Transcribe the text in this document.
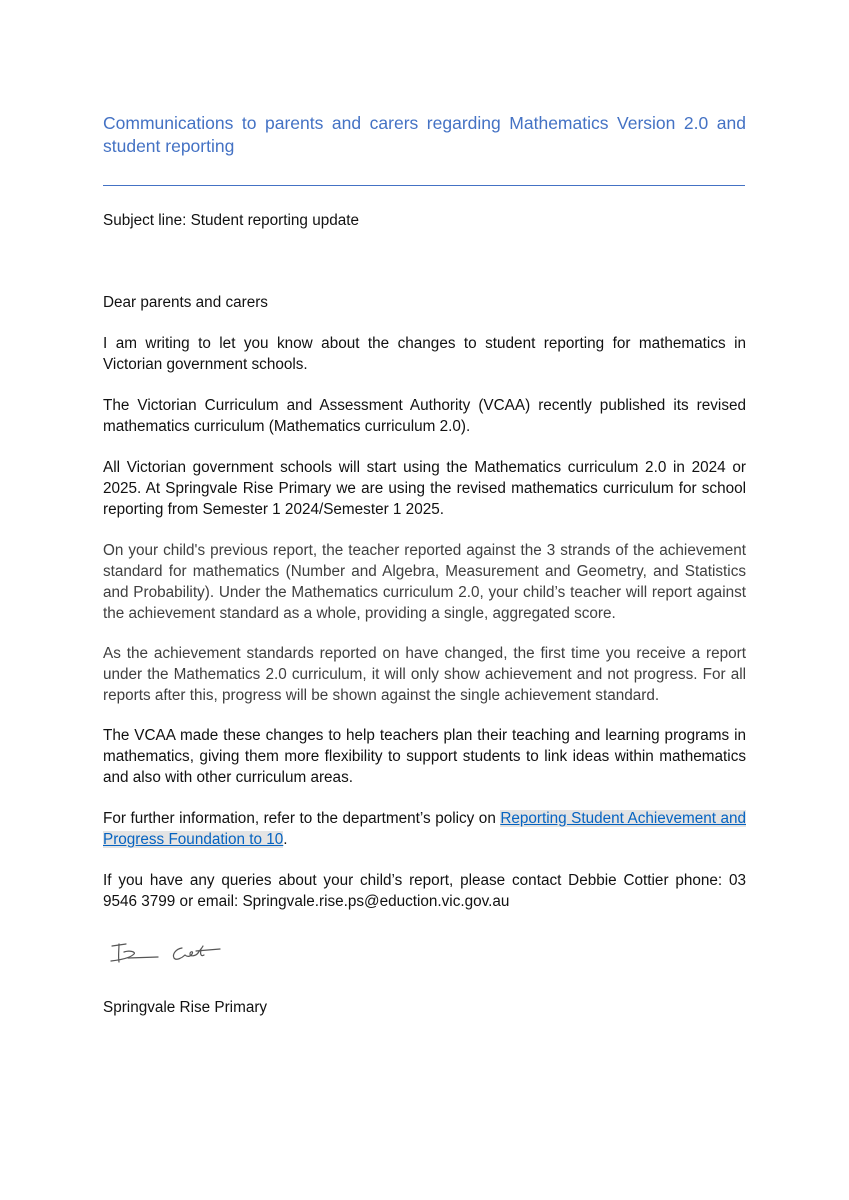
Communications to parents and carers regarding Mathematics Version 2.0 and student reporting

Subject line: Student reporting update

Dear parents and carers

I am writing to let you know about the changes to student reporting for mathematics in Victorian government schools.

The Victorian Curriculum and Assessment Authority (VCAA) recently published its revised mathematics curriculum (Mathematics curriculum 2.0).

All Victorian government schools will start using the Mathematics curriculum 2.0 in 2024 or 2025. At Springvale Rise Primary we are using the revised mathematics curriculum for school reporting from Semester 1 2024/Semester 1 2025.

On your child's previous report, the teacher reported against the 3 strands of the achievement standard for mathematics (Number and Algebra, Measurement and Geometry, and Statistics and Probability). Under the Mathematics curriculum 2.0, your child’s teacher will report against the achievement standard as a whole, providing a single, aggregated score.

As the achievement standards reported on have changed, the first time you receive a report under the Mathematics 2.0 curriculum, it will only show achievement and not progress. For all reports after this, progress will be shown against the single achievement standard.

The VCAA made these changes to help teachers plan their teaching and learning programs in mathematics, giving them more flexibility to support students to link ideas within mathematics and also with other curriculum areas.

For further information, refer to the department’s policy on Reporting Student Achievement and Progress Foundation to 10.

If you have any queries about your child’s report, please contact Debbie Cottier phone: 03 9546 3799 or email: Springvale.rise.ps@eduction.vic.gov.au

Springvale Rise Primary
